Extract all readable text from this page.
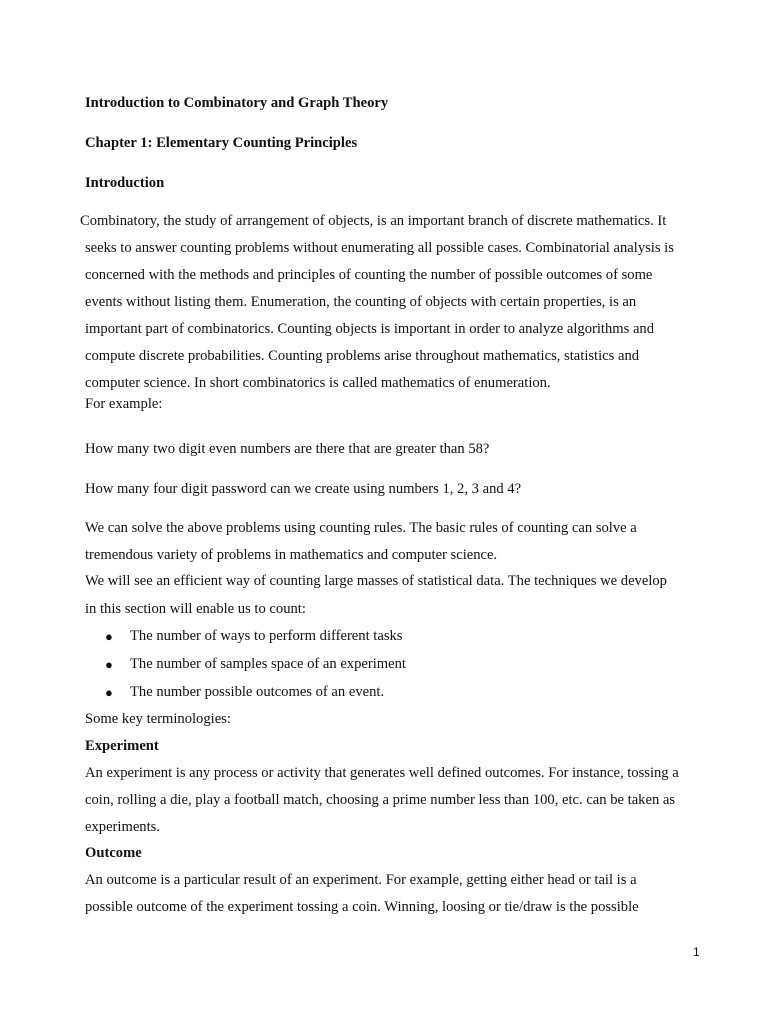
Introduction to Combinatory and Graph Theory

Chapter 1: Elementary Counting Principles

Introduction

Combinatory, the study of arrangement of objects, is an important branch of discrete mathematics. It

seeks to answer counting problems without enumerating all possible cases. Combinatorial analysis is

concerned with the methods and principles of counting the number of possible outcomes of some

events without listing them. Enumeration, the counting of objects with certain properties, is an

important part of combinatorics. Counting objects is important in order to analyze algorithms and

compute discrete probabilities. Counting problems arise throughout mathematics, statistics and

computer science. In short combinatorics is called mathematics of enumeration.

For example:

How many two digit even numbers are there that are greater than 58?

How many four digit password can we create using numbers 1, 2, 3 and 4?

We can solve the above problems using counting rules. The basic rules of counting can solve a

tremendous variety of problems in mathematics and computer science.

We will see an efficient way of counting large masses of statistical data. The techniques we develop

in this section will enable us to count:

● The number of ways to perform different tasks

● The number of samples space of an experiment

● The number possible outcomes of an event.

Some key terminologies:

Experiment

An experiment is any process or activity that generates well defined outcomes. For instance, tossing a

coin, rolling a die, play a football match, choosing a prime number less than 100, etc. can be taken as

experiments.

Outcome

An outcome is a particular result of an experiment. For example, getting either head or tail is a

possible outcome of the experiment tossing a coin. Winning, loosing or tie/draw is the possible

1
